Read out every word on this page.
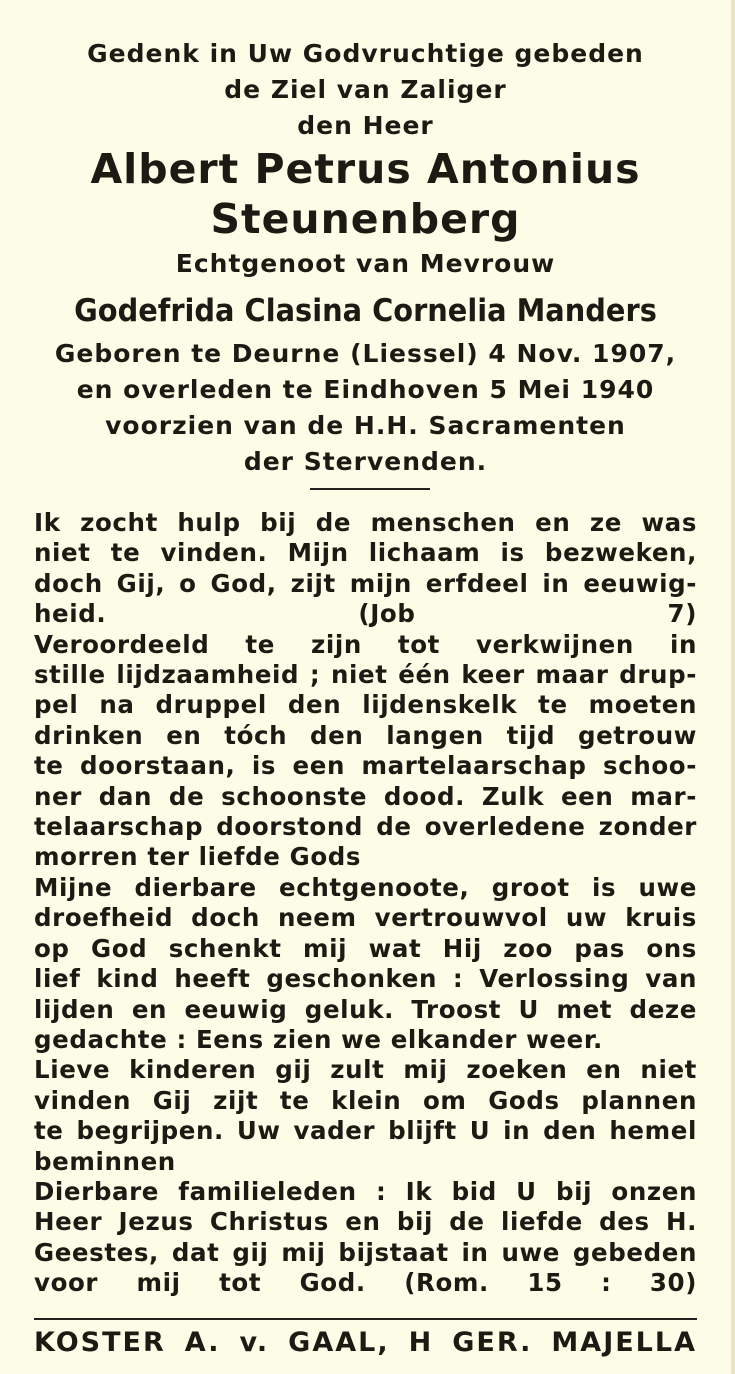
Gedenk in Uw Godvruchtige gebeden
de Ziel van Zaliger
den Heer
Albert Petrus Antonius
Steunenberg
Echtgenoot van Mevrouw
Godefrida Clasina Cornelia Manders
Geboren te Deurne (Liessel) 4 Nov. 1907,
en overleden te Eindhoven 5 Mei 1940
voorzien van de H.H. Sacramenten
der Stervenden.
Ik zocht hulp bij de menschen en ze was
niet te vinden. Mijn lichaam is bezweken,
doch Gij, o God, zijt mijn erfdeel in eeuwig-
heid.	(Job 7)
Veroordeeld te zijn tot verkwijnen in
stille lijdzaamheid ; niet één keer maar drup-
pel na druppel den lijdenskelk te moeten
drinken en tóch den langen tijd getrouw
te doorstaan, is een martelaarschap schoo-
ner dan de schoonste dood. Zulk een mar-
telaarschap doorstond de overledene zonder
morren ter liefde Gods
Mijne dierbare echtgenoote, groot is uwe
droefheid doch neem vertrouwvol uw kruis
op God schenkt mij wat Hij zoo pas ons
lief kind heeft geschonken : Verlossing van
lijden en eeuwig geluk. Troost U met deze
gedachte : Eens zien we elkander weer.
Lieve kinderen gij zult mij zoeken en niet
vinden Gij zijt te klein om Gods plannen
te begrijpen. Uw vader blijft U in den hemel
beminnen
Dierbare familieleden : Ik bid U bij onzen
Heer Jezus Christus en bij de liefde des H.
Geestes, dat gij mij bijstaat in uwe gebeden
voor mij tot God. (Rom. 15 : 30)
KOSTER A. v. GAAL, H GER. MAJELLA
